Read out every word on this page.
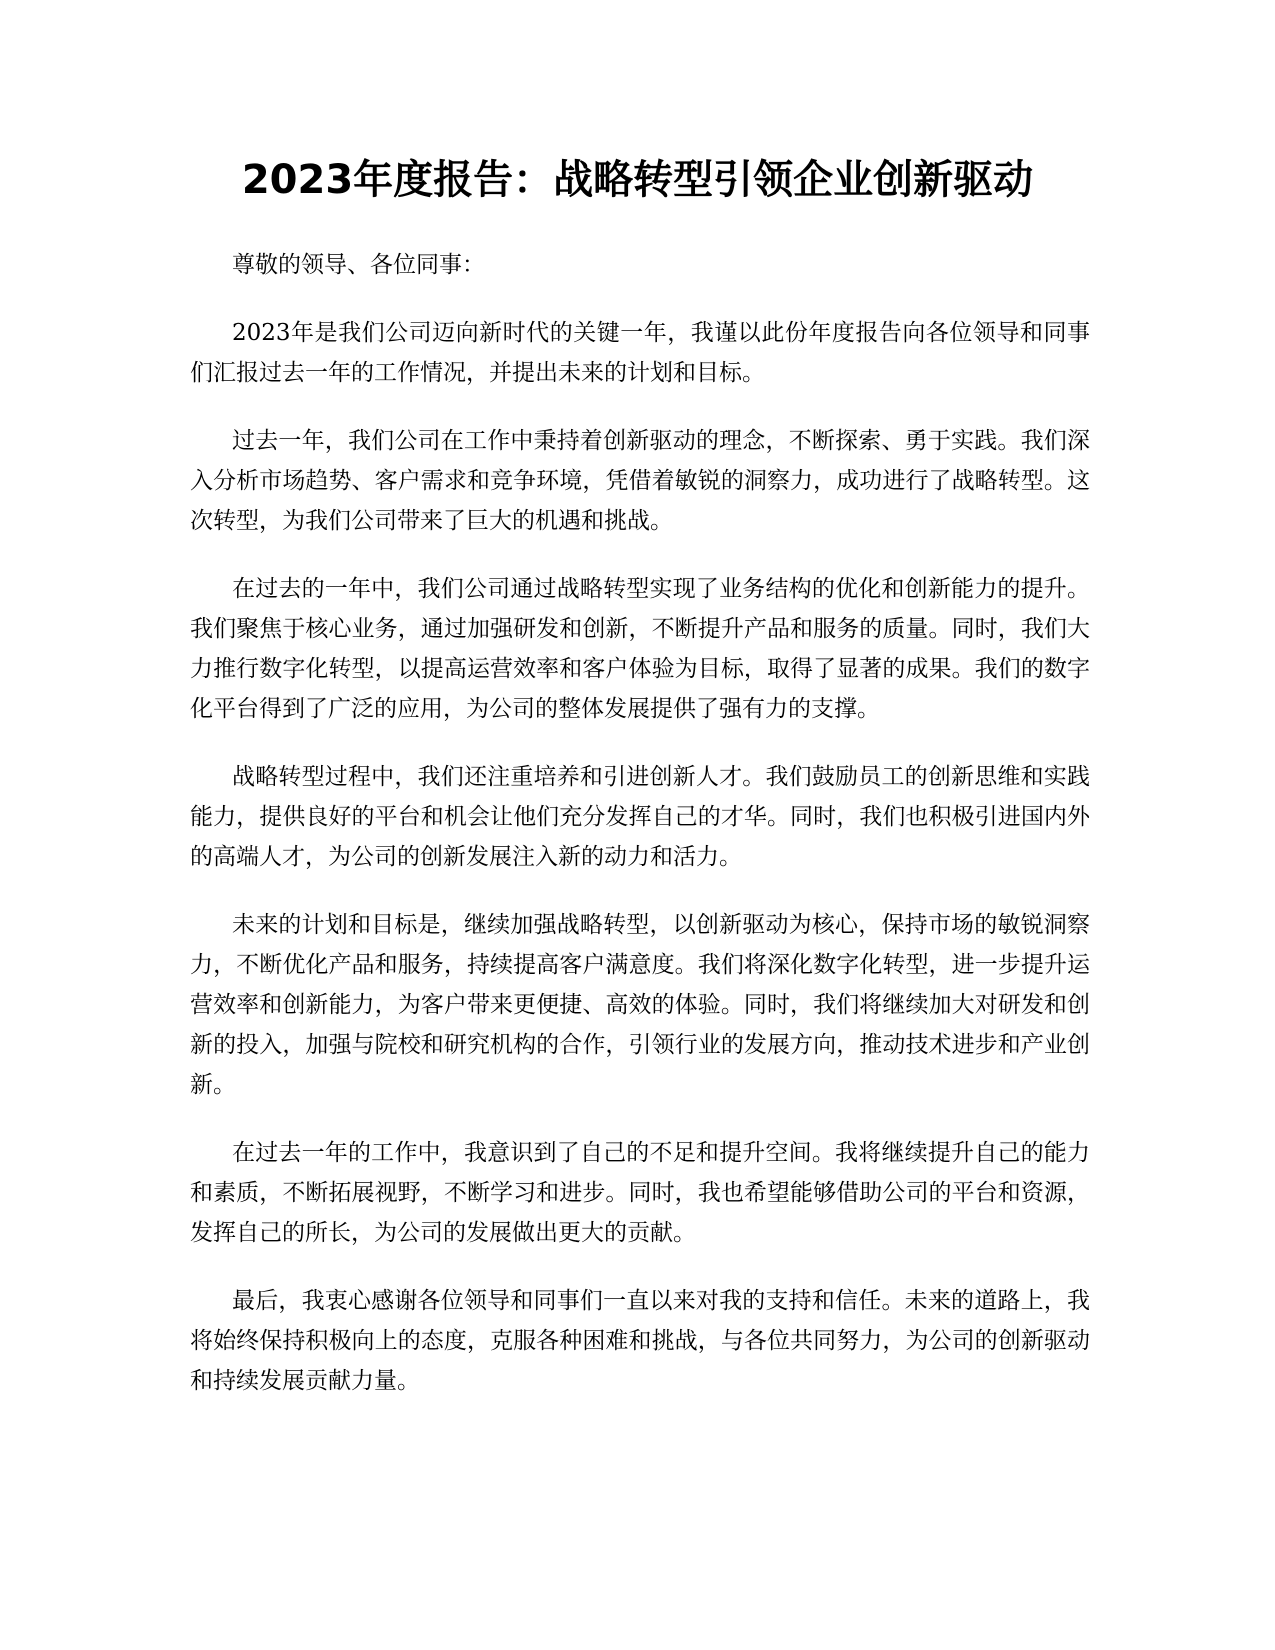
2023年度报告：战略转型引领企业创新驱动

尊敬的领导、各位同事：

2023年是我们公司迈向新时代的关键一年，我谨以此份年度报告向各位领导和同事们汇报过去一年的工作情况，并提出未来的计划和目标。

过去一年，我们公司在工作中秉持着创新驱动的理念，不断探索、勇于实践。我们深入分析市场趋势、客户需求和竞争环境，凭借着敏锐的洞察力，成功进行了战略转型。这次转型，为我们公司带来了巨大的机遇和挑战。

在过去的一年中，我们公司通过战略转型实现了业务结构的优化和创新能力的提升。我们聚焦于核心业务，通过加强研发和创新，不断提升产品和服务的质量。同时，我们大力推行数字化转型，以提高运营效率和客户体验为目标，取得了显著的成果。我们的数字化平台得到了广泛的应用，为公司的整体发展提供了强有力的支撑。

战略转型过程中，我们还注重培养和引进创新人才。我们鼓励员工的创新思维和实践能力，提供良好的平台和机会让他们充分发挥自己的才华。同时，我们也积极引进国内外的高端人才，为公司的创新发展注入新的动力和活力。

未来的计划和目标是，继续加强战略转型，以创新驱动为核心，保持市场的敏锐洞察力，不断优化产品和服务，持续提高客户满意度。我们将深化数字化转型，进一步提升运营效率和创新能力，为客户带来更便捷、高效的体验。同时，我们将继续加大对研发和创新的投入，加强与院校和研究机构的合作，引领行业的发展方向，推动技术进步和产业创新。

在过去一年的工作中，我意识到了自己的不足和提升空间。我将继续提升自己的能力和素质，不断拓展视野，不断学习和进步。同时，我也希望能够借助公司的平台和资源，发挥自己的所长，为公司的发展做出更大的贡献。

最后，我衷心感谢各位领导和同事们一直以来对我的支持和信任。未来的道路上，我将始终保持积极向上的态度，克服各种困难和挑战，与各位共同努力，为公司的创新驱动和持续发展贡献力量。
